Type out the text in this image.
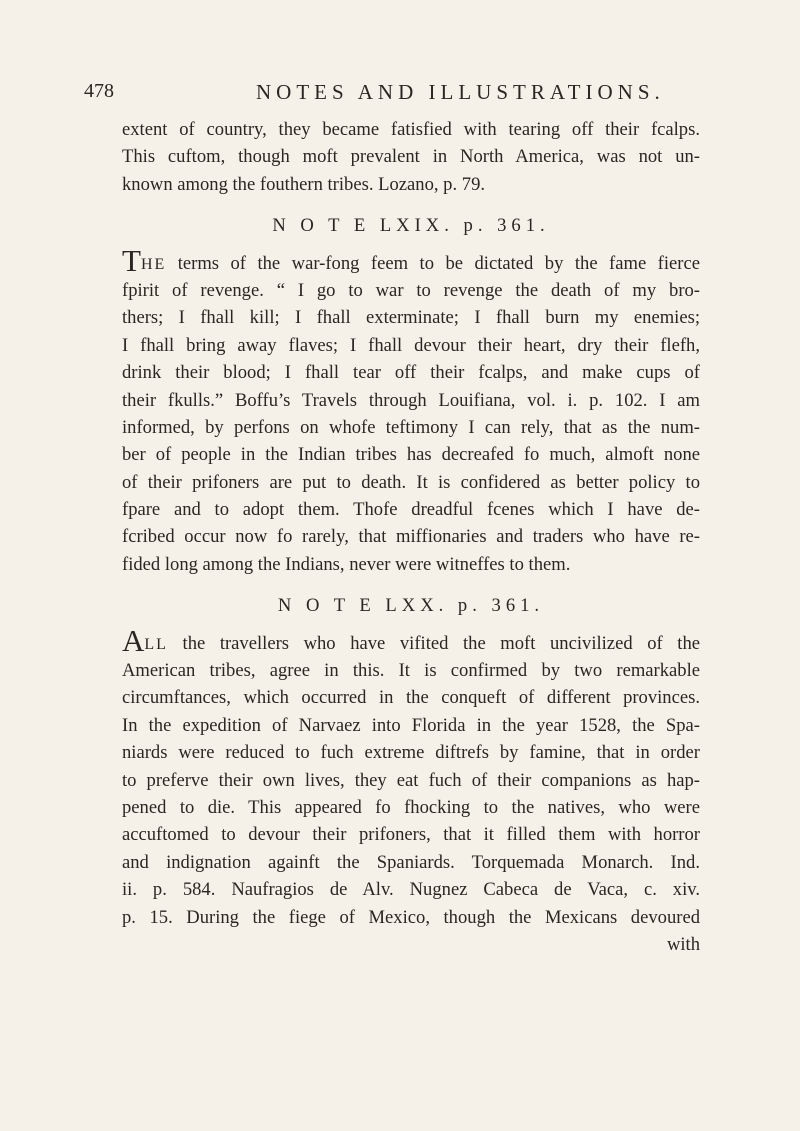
478	NOTES AND ILLUSTRATIONS.
extent of country, they became fatisfied with tearing off their fcalps.
This cuftom, though moft prevalent in North America, was not un-
known among the fouthern tribes. Lozano, p. 79.
N O T E LXIX. p. 361.
THE terms of the war-fong feem to be dictated by the fame fierce
fpirit of revenge. “ I go to war to revenge the death of my bro-
thers; I fhall kill; I fhall exterminate; I fhall burn my enemies;
I fhall bring away flaves; I fhall devour their heart, dry their flefh,
drink their blood; I fhall tear off their fcalps, and make cups of
their fkulls.” Boffu’s Travels through Louifiana, vol. i. p. 102. I am
informed, by perfons on whofe teftimony I can rely, that as the num-
ber of people in the Indian tribes has decreafed fo much, almoft none
of their prifoners are put to death. It is confidered as better policy to
fpare and to adopt them. Thofe dreadful fcenes which I have de-
fcribed occur now fo rarely, that miffionaries and traders who have re-
fided long among the Indians, never were witneffes to them.
N O T E LXX. p. 361.
ALL the travellers who have vifited the moft uncivilized of the
American tribes, agree in this. It is confirmed by two remarkable
circumftances, which occurred in the conqueft of different provinces.
In the expedition of Narvaez into Florida in the year 1528, the Spa-
niards were reduced to fuch extreme diftrefs by famine, that in order
to preferve their own lives, they eat fuch of their companions as hap-
pened to die. This appeared fo fhocking to the natives, who were
accuftomed to devour their prifoners, that it filled them with horror
and indignation againft the Spaniards. Torquemada Monarch. Ind.
ii. p. 584. Naufragios de Alv. Nugnez Cabeca de Vaca, c. xiv.
p. 15. During the fiege of Mexico, though the Mexicans devoured
with
